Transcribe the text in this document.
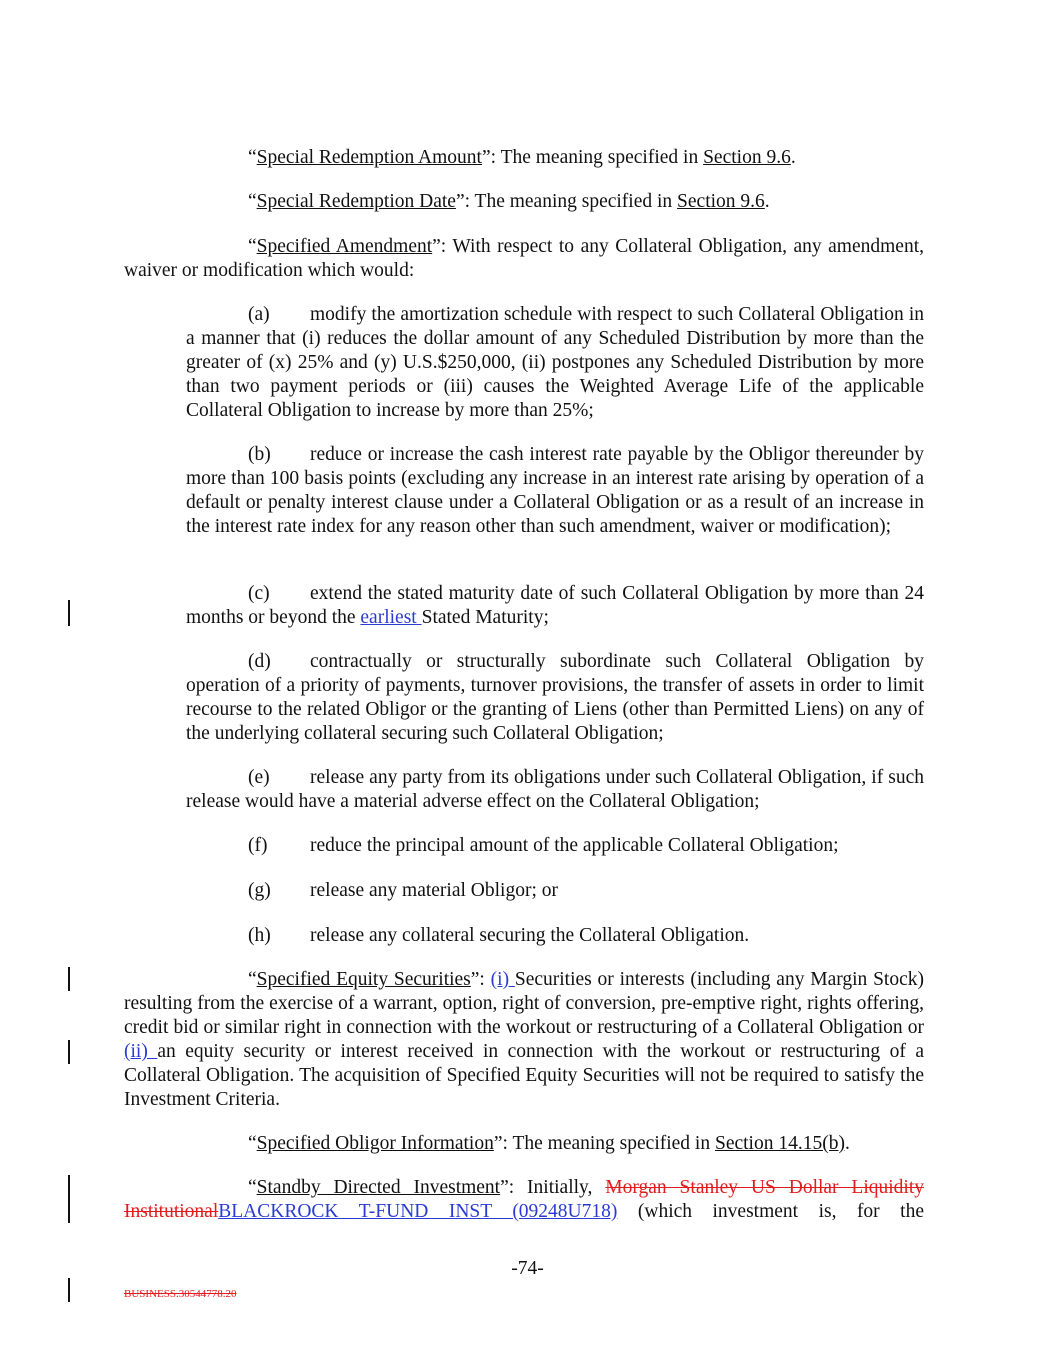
“Special Redemption Amount”: The meaning specified in Section 9.6.
“Special Redemption Date”: The meaning specified in Section 9.6.
“Specified Amendment”: With respect to any Collateral Obligation, any amendment, waiver or modification which would:
(a) modify the amortization schedule with respect to such Collateral Obligation in a manner that (i) reduces the dollar amount of any Scheduled Distribution by more than the greater of (x) 25% and (y) U.S.$250,000, (ii) postpones any Scheduled Distribution by more than two payment periods or (iii) causes the Weighted Average Life of the applicable Collateral Obligation to increase by more than 25%;
(b) reduce or increase the cash interest rate payable by the Obligor thereunder by more than 100 basis points (excluding any increase in an interest rate arising by operation of a default or penalty interest clause under a Collateral Obligation or as a result of an increase in the interest rate index for any reason other than such amendment, waiver or modification);
(c) extend the stated maturity date of such Collateral Obligation by more than 24 months or beyond the earliest Stated Maturity;
(d) contractually or structurally subordinate such Collateral Obligation by operation of a priority of payments, turnover provisions, the transfer of assets in order to limit recourse to the related Obligor or the granting of Liens (other than Permitted Liens) on any of the underlying collateral securing such Collateral Obligation;
(e) release any party from its obligations under such Collateral Obligation, if such release would have a material adverse effect on the Collateral Obligation;
(f) reduce the principal amount of the applicable Collateral Obligation;
(g) release any material Obligor; or
(h) release any collateral securing the Collateral Obligation.
“Specified Equity Securities”: (i) Securities or interests (including any Margin Stock) resulting from the exercise of a warrant, option, right of conversion, pre-emptive right, rights offering, credit bid or similar right in connection with the workout or restructuring of a Collateral Obligation or (ii) an equity security or interest received in connection with the workout or restructuring of a Collateral Obligation. The acquisition of Specified Equity Securities will not be required to satisfy the Investment Criteria.
“Specified Obligor Information”: The meaning specified in Section 14.15(b).
“Standby Directed Investment”: Initially, Morgan Stanley US Dollar Liquidity InstitutionalBLACKROCK T-FUND INST (09248U718) (which investment is, for the
-74-
BUSINESS.30544778.20
